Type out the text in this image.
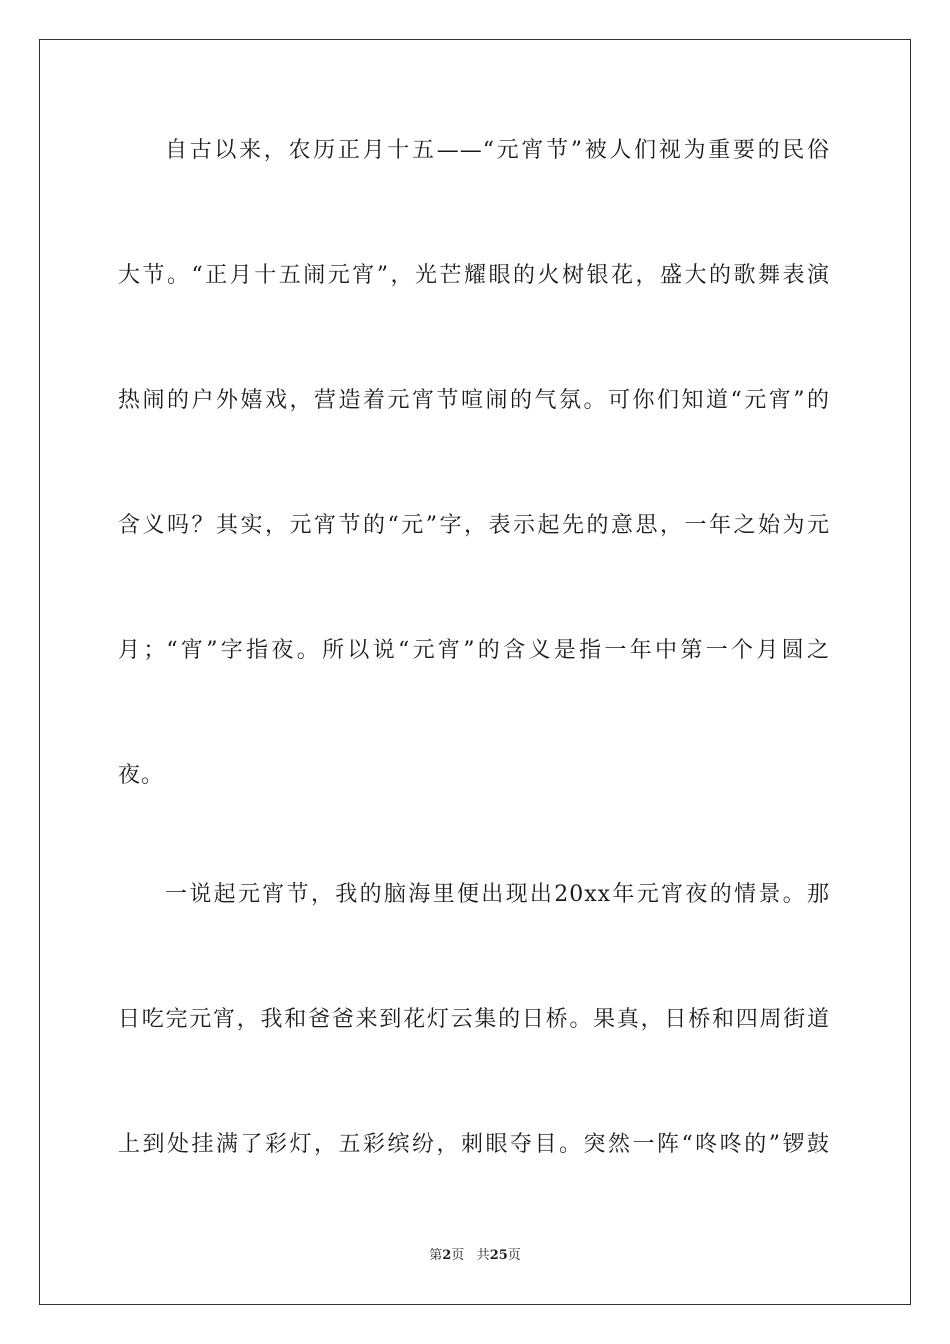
自古以来，农历正月十五——“元宵节”被人们视为重要的民俗
大节。“正月十五闹元宵”，光芒耀眼的火树银花，盛大的歌舞表演
热闹的户外嬉戏，营造着元宵节喧闹的气氛。可你们知道“元宵”的
含义吗？其实，元宵节的“元”字，表示起先的意思，一年之始为元
月；“宵”字指夜。所以说“元宵”的含义是指一年中第一个月圆之
夜。
一说起元宵节，我的脑海里便出现出20xx年元宵夜的情景。那
日吃完元宵，我和爸爸来到花灯云集的日桥。果真，日桥和四周街道
上到处挂满了彩灯，五彩缤纷，刺眼夺目。突然一阵“咚咚的”锣鼓
第2页 共25页
